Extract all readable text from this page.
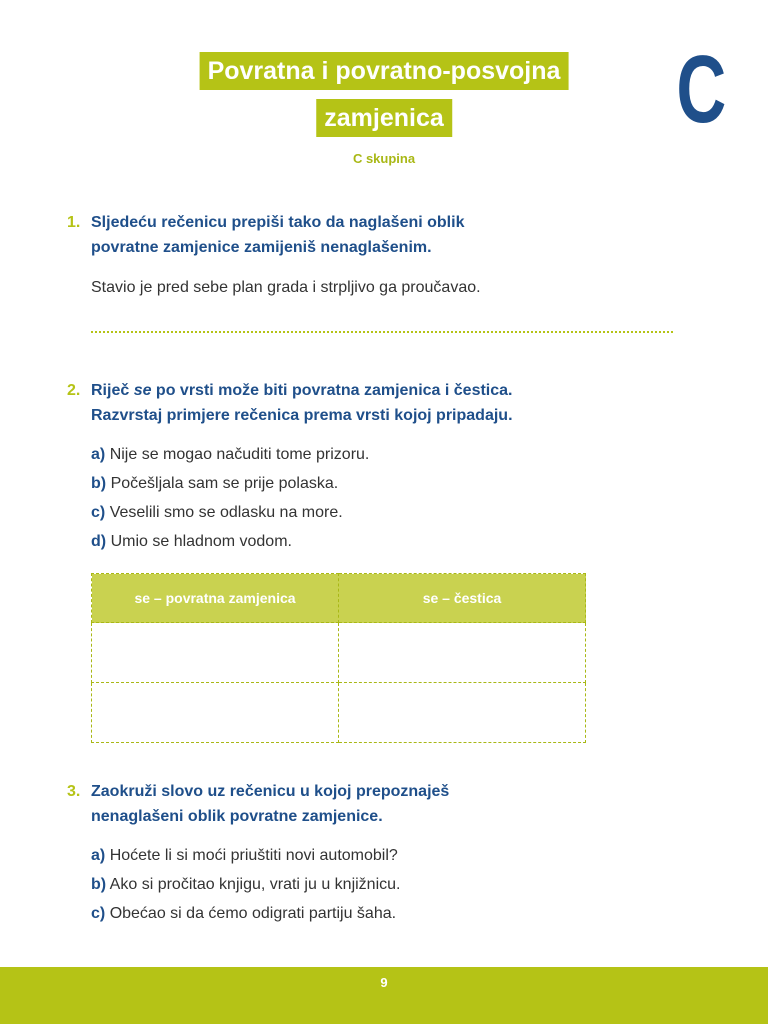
Povratna i povratno-posvojna
zamjenica C
C skupina
1. Sljedeću rečenicu prepiši tako da naglašeni oblik
povratne zamjenice zamijeniš nenaglašenim.
Stavio je pred sebe plan grada i strpljivo ga proučavao.
2. Riječ se po vrsti može biti povratna zamjenica i čestica.
Razvrstaj primjere rečenica prema vrsti kojoj pripadaju.
a) Nije se mogao načuditi tome prizoru.
b) Počešljala sam se prije polaska.
c) Veselili smo se odlasku na more.
d) Umio se hladnom vodom.
se – povratna zamjenica	se – čestica

3. Zaokruži slovo uz rečenicu u kojoj prepoznaješ
nenaglašeni oblik povratne zamjenice.
a) Hoćete li si moći priuštiti novi automobil?
b) Ako si pročitao knjigu, vrati ju u knjižnicu.
c) Obećao si da ćemo odigrati partiju šaha.
9
